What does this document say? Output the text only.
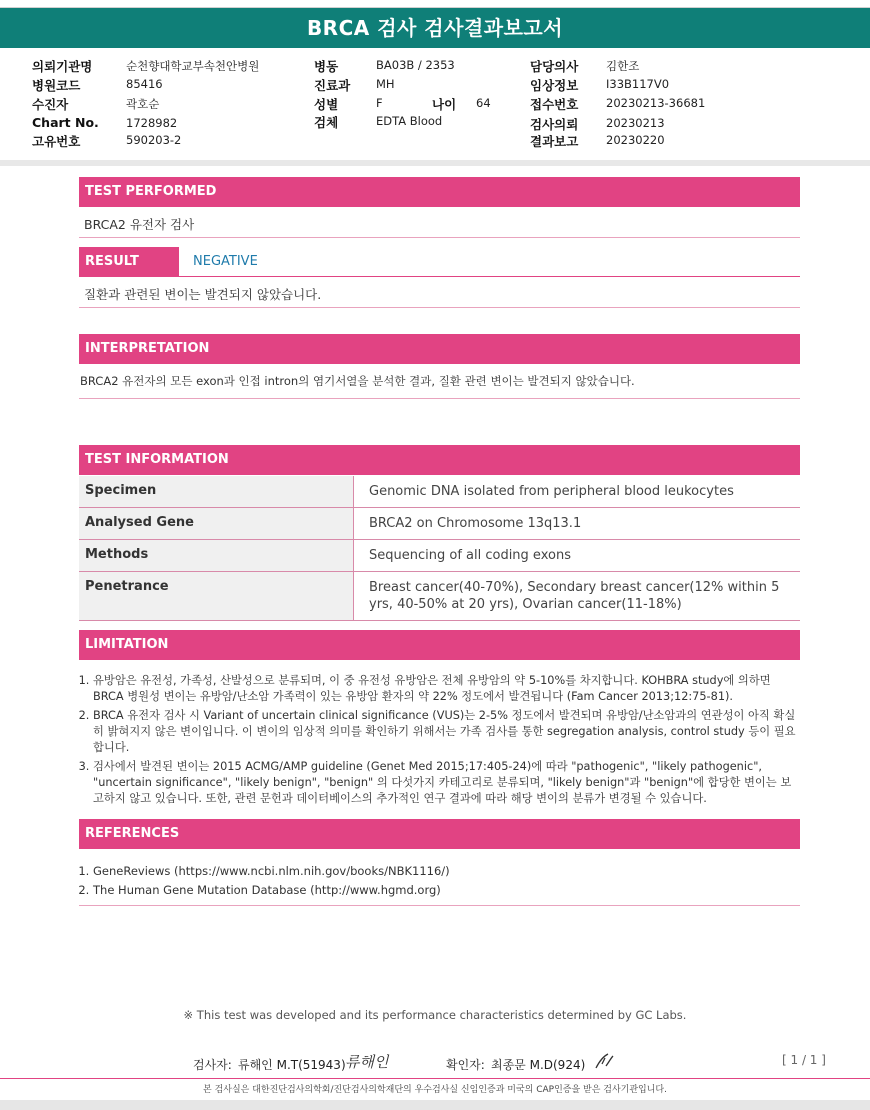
BRCA 검사 검사결과보고서
의뢰기관명	순천향대학교부속천안병원
병원코드	85416
수진자	곽호순
Chart No. 1728982
고유번호	590203-2
병동	BA03B / 2353
진료과 MH
성별	F	나이 64
검체	EDTA Blood
담당의사 김한조
임상정보 I33B117V0
접수번호 20230213-36681
검사의뢰 20230213
결과보고 20230220
TEST PERFORMED
BRCA2 유전자 검사
RESULT	NEGATIVE
질환과 관련된 변이는 발견되지 않았습니다.
INTERPRETATION
BRCA2 유전자의 모든 exon과 인접 intron의 염기서열을 분석한 결과, 질환 관련 변이는 발견되지 않았습니다.
TEST INFORMATION
Specimen	Genomic DNA isolated from peripheral blood leukocytes
Analysed Gene	BRCA2 on Chromosome 13q13.1
Methods	Sequencing of all coding exons
Penetrance	Breast cancer(40-70%), Secondary breast cancer(12% within 5 yrs, 40-50% at 20 yrs), Ovarian cancer(11-18%)
LIMITATION
1. 유방암은 유전성, 가족성, 산발성으로 분류되며, 이 중 유전성 유방암은 전체 유방암의 약 5-10%를 차지합니다. KOHBRA study에 의하면 BRCA 병원성 변이는 유방암/난소암 가족력이 있는 유방암 환자의 약 22% 정도에서 발견됩니다 (Fam Cancer 2013;12:75-81).
2. BRCA 유전자 검사 시 Variant of uncertain clinical significance (VUS)는 2-5% 정도에서 발견되며 유방암/난소암과의 연관성이 아직 확실히 밝혀지지 않은 변이입니다. 이 변이의 임상적 의미를 확인하기 위해서는 가족 검사를 통한 segregation analysis, control study 등이 필요합니다.
3. 검사에서 발견된 변이는 2015 ACMG/AMP guideline (Genet Med 2015;17:405-24)에 따라 "pathogenic", "likely pathogenic", "uncertain significance", "likely benign", "benign" 의 다섯가지 카테고리로 분류되며, "likely benign"과 "benign"에 합당한 변이는 보고하지 않고 있습니다. 또한, 관련 문헌과 데이터베이스의 추가적인 연구 결과에 따라 해당 변이의 분류가 변경될 수 있습니다.
REFERENCES
1. GeneReviews (https://www.ncbi.nlm.nih.gov/books/NBK1116/)
2. The Human Gene Mutation Database (http://www.hgmd.org)
※ This test was developed and its performance characteristics determined by GC Labs.
검사자: 류해인 M.T(51943) 류해인	확인자: 최종문 M.D(924)	[ 1 / 1 ]
본 검사실은 대한진단검사의학회/진단검사의학재단의 우수검사실 신임인증과 미국의 CAP인증을 받은 검사기관입니다.
